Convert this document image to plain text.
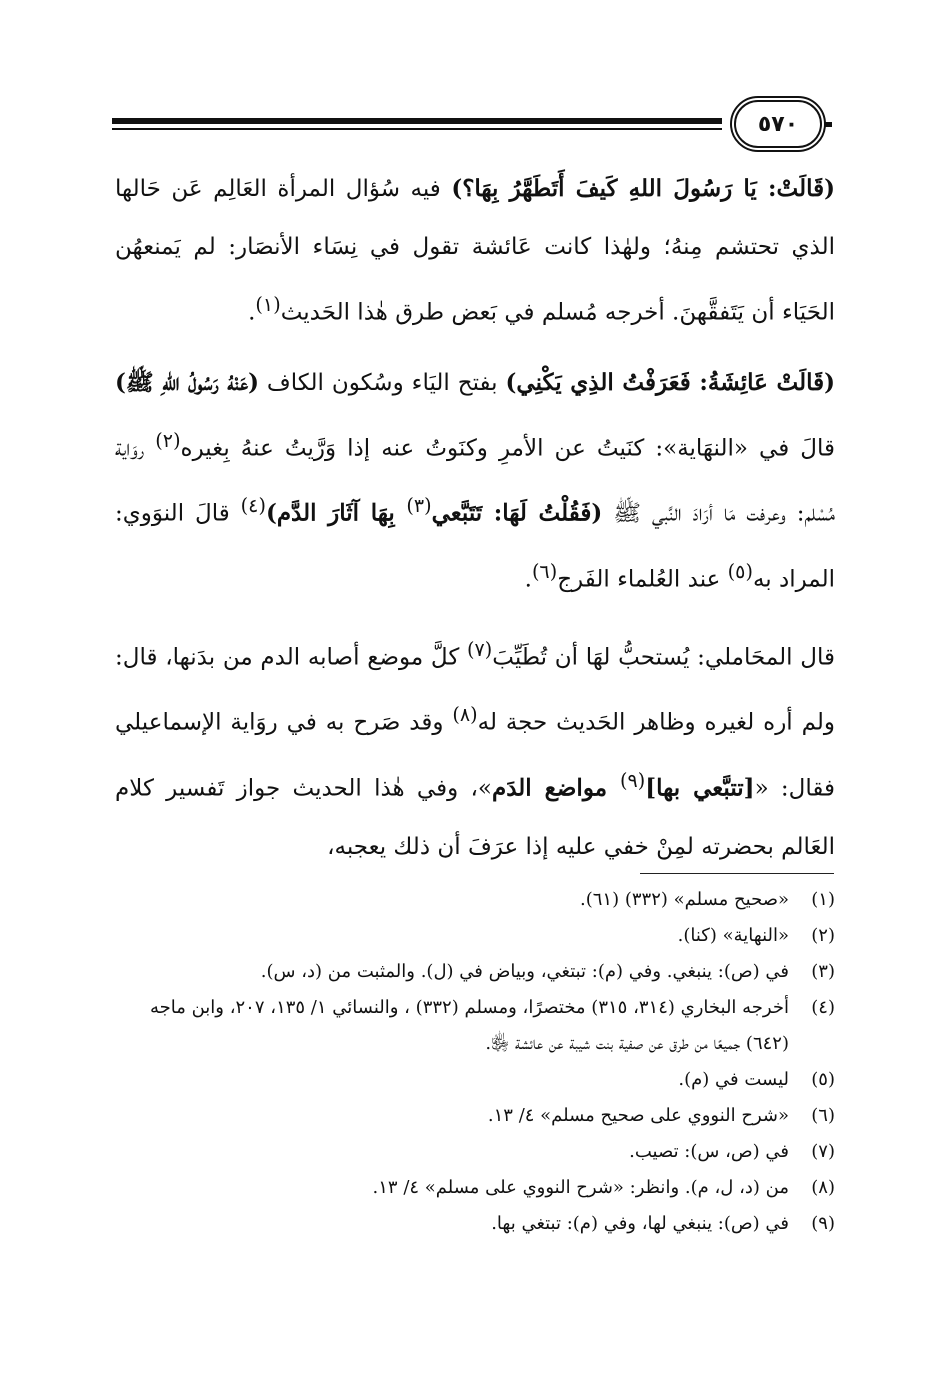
٥٧٠

(قَالَتْ: يَا رَسُولَ اللهِ كَيفَ أَتَطَهَّرُ بِهَا؟) فيه سُؤال المرأة العَالِم عَن حَالها الذي تحتشم مِنهُ؛ ولهٰذا كانت عَائشة تقول في نِسَاء الأنصَار: لم يَمنعهُن الحَيَاء أن يَتَفقَّهنَ. أخرجه مُسلم في بَعض طرق هٰذا الحَديث$^{(١)}$.

(قَالَتْ عَائِشَةُ: فَعَرَفْتُ الذِي يَكْنِي) بفتح اليَاء وسُكون الكاف (عَنْهُ رَسُولُ اللهِ ﷺ) قالَ في «النهَاية»: كنَيتُ عن الأمرِ وكنَوتُ عنه إذا وَرَّيتُ عنهُ بِغيره$^{(٢)}$ روَاية مُسْلم: وعرفت مَا أرَادَ النَّبي ﷺ (فَقُلْتُ لَهَا: تَتَبَّعي$^{(٣)}$ بِهَا آثَارَ الدَّم)$^{(٤)}$ قالَ النوَوي: المراد به$^{(٥)}$ عند العُلماء الفَرج$^{(٦)}$.

قال المحَاملي: يُستحبُّ لهَا أن تُطَيِّبَ$^{(٧)}$ كلَّ موضع أصابه الدم من بدَنها، قال: ولم أره لغيره وظاهر الحَديث حجة له$^{(٨)}$ وقد صَرح به في روَاية الإسماعيلي فقال: «[تتبَّعي بها]$^{(٩)}$ مواضع الدَم»، وفي هٰذا الحديث جواز تَفسير كلام العَالم بحضرته لمِنْ خفي عليه إذا عرَفَ أن ذلك يعجبه،

(١)
«صحيح مسلم» (٣٣٢) (٦١).
(٢)
«النهاية» (كنا).
(٣)
في (ص): ينبغي. وفي (م): تبتغي، وبياض في (ل). والمثبت من (د، س).
(٤)
أخرجه البخاري (٣١٤، ٣١٥) مختصرًا، ومسلم (٣٣٢) ، والنسائي ١/ ١٣٥، ٢٠٧، وابن ماجه (٦٤٢) جميعًا من طرق عن صفية بنت شيبة عن عائشة ﵂.
(٥)
ليست في (م).
(٦)
«شرح النووي على صحيح مسلم» ٤/ ١٣.
(٧)
في (ص، س): تصيب.
(٨)
من (د، ل، م). وانظر: «شرح النووي على مسلم» ٤/ ١٣.
(٩)
في (ص): ينبغي لها، وفي (م): تبتغي بها.
